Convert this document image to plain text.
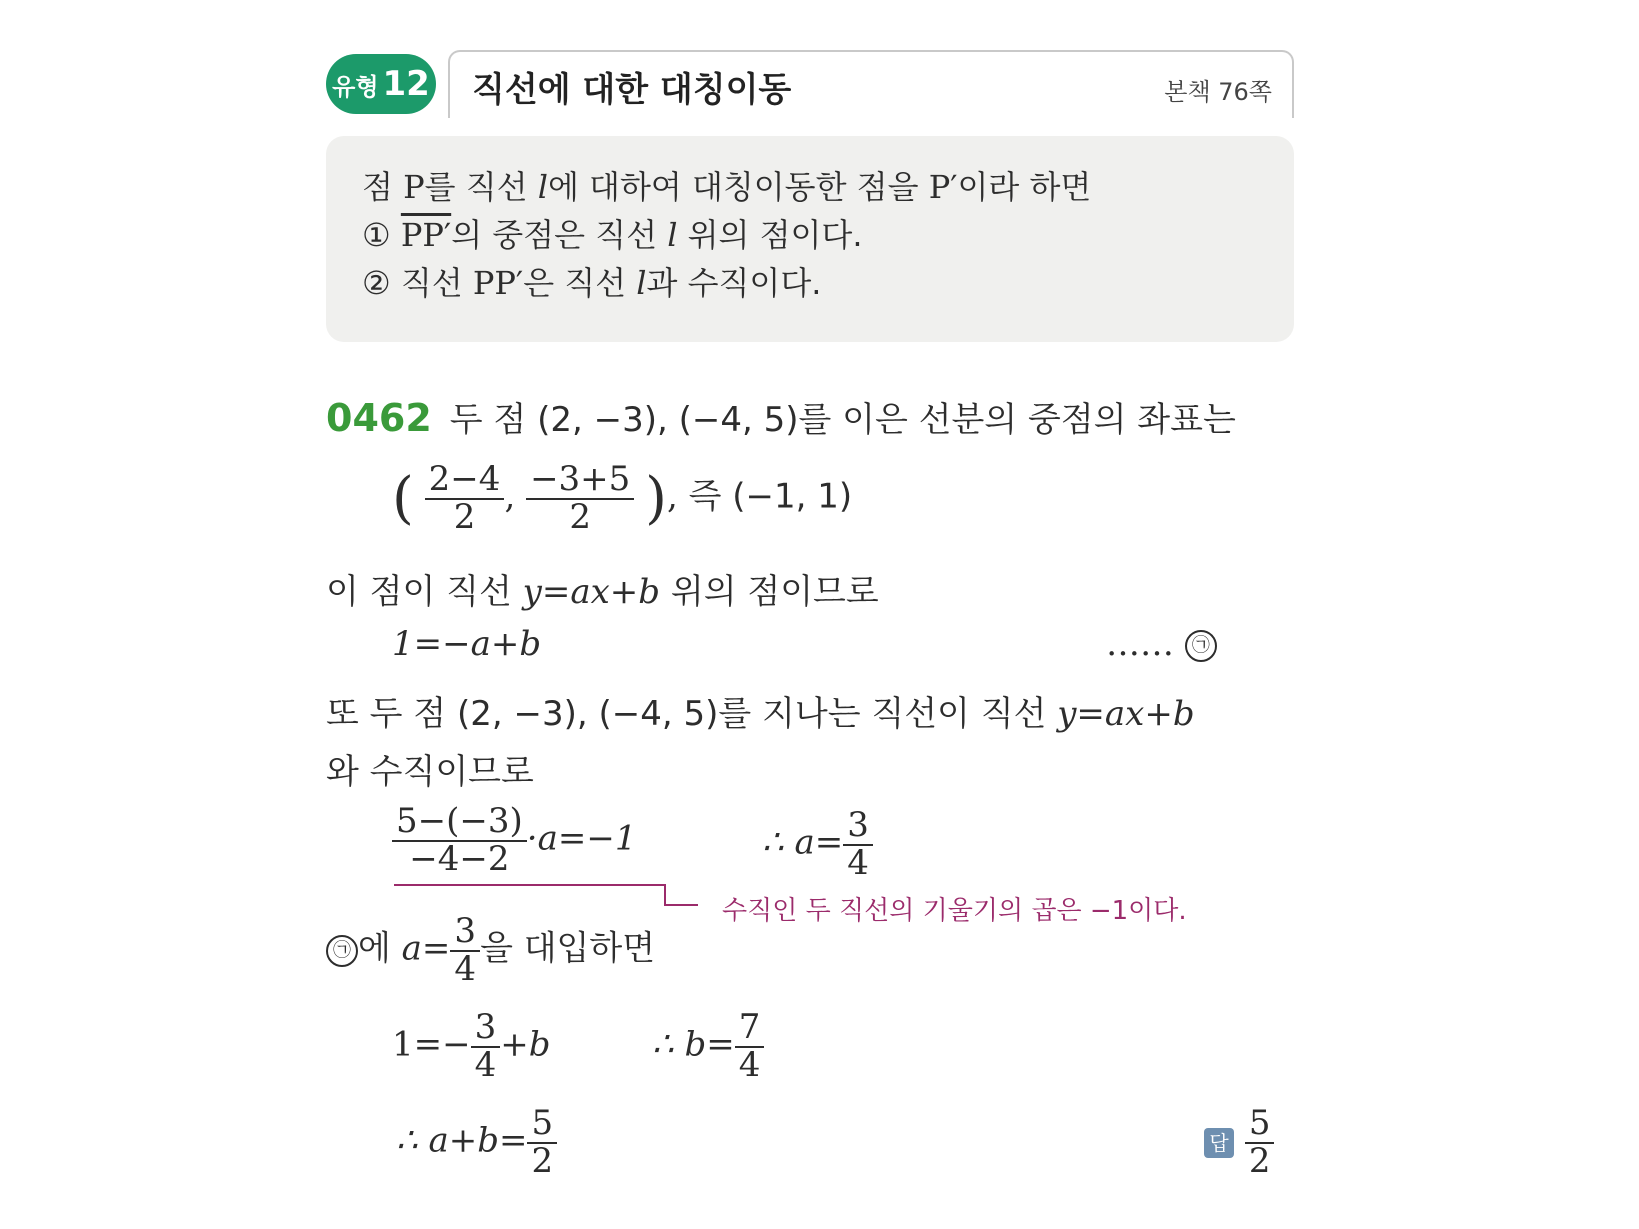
유형 12 직선에 대한 대칭이동	본책 76쪽
점 P를 직선 l에 대하여 대칭이동한 점을 P′이라 하면
① PP′의 중점은 직선 l 위의 점이다.
② 직선 PP′은 직선 l과 수직이다.
0462 두 점 (2, −3), (−4, 5)를 이은 선분의 중점의 좌표는
( $\frac{2-4}{2}$ , $\frac{-3+5}{2}$ ), 즉 (−1, 1)
이 점이 직선 y=ax+b 위의 점이므로
1=−a+b	…… ㉠
또 두 점 (2, −3), (−4, 5)를 지나는 직선이 직선 y=ax+b
와 수직이므로
$\frac{5-(-3)}{-4-2} \cdot a=-1$	∴ $a= \frac{3}{4}$
수직인 두 직선의 기울기의 곱은 −1이다.
㉠ 에 $a= \frac{3}{4}$ 을 대입하면
$1=- \frac{3}{4} +b$	∴ $b= \frac{7}{4}$
∴ $a+b= \frac{5}{2}$	답 $\frac{5}{2}$
